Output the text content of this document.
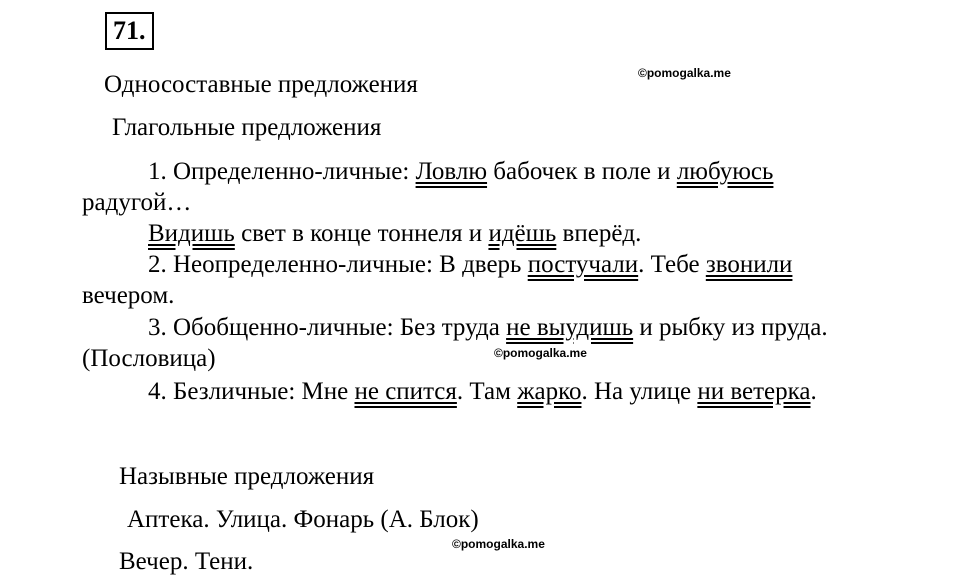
71.
©pomogalka.me
©pomogalka.me
©pomogalka.me
Односоставные предложения
Глагольные предложения
1. Определенно-личные: Ловлю бабочек в поле и любуюсь
радугой…
Видишь свет в конце тоннеля и идёшь вперёд.
2. Неопределенно-личные: В дверь постучали. Тебе звонили
вечером.
3. Обобщенно-личные: Без труда не выудишь и рыбку из пруда.
(Пословица)
4. Безличные: Мне не спится. Там жарко. На улице ни ветерка.
Назывные предложения
Аптека. Улица. Фонарь (А. Блок)
Вечер. Тени.
